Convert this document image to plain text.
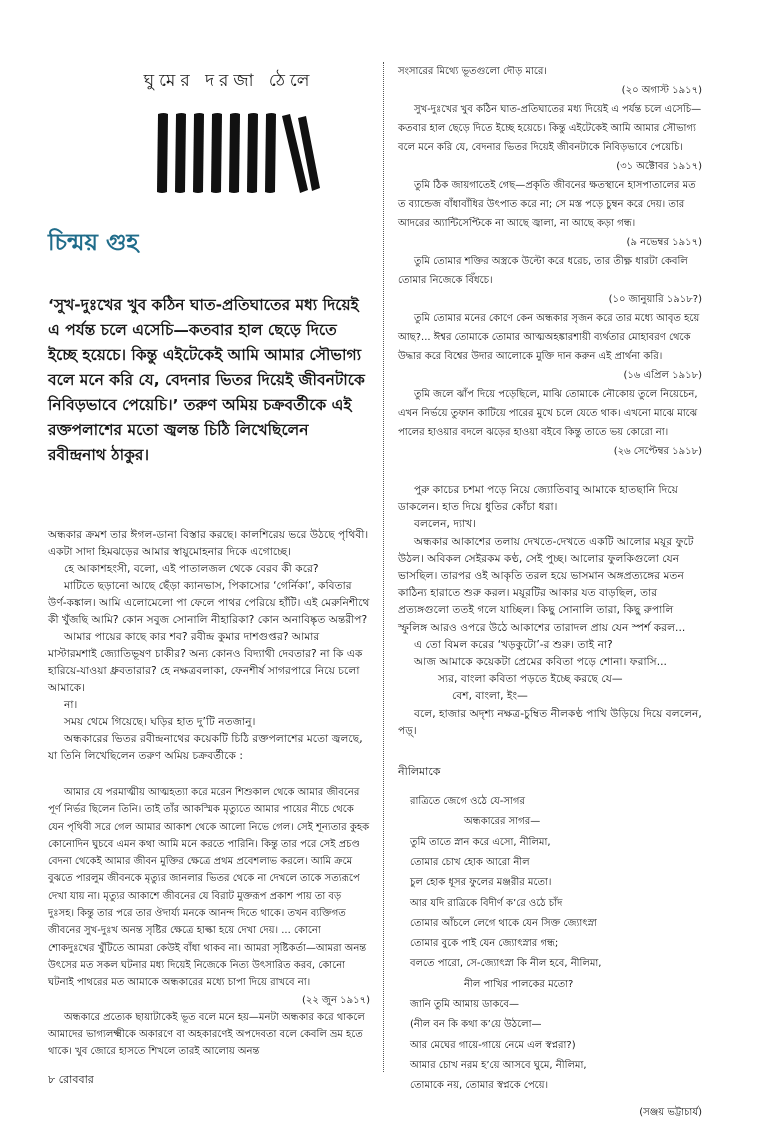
ঘুমের দরজা ঠেলে
চিন্ময় গুহ
‘সুখ-দুঃখের খুব কঠিন ঘাত-প্রতিঘাতের মধ্য দিয়েই এ পর্যন্ত চলে এসেচি—কতবার হাল ছেড়ে দিতে ইচ্ছে হয়েচে। কিন্তু এইটেকেই আমি আমার সৌভাগ্য বলে মনে করি যে, বেদনার ভিতর দিয়েই জীবনটাকে নিবিড়ভাবে পেয়েচি।’ তরুণ অমিয় চক্রবর্তীকে এই রক্তপলাশের মতো জ্বলন্ত চিঠি লিখেছিলেন রবীন্দ্রনাথ ঠাকুর।

অন্ধকার ক্রমশ তার ঈগল-ডানা বিস্তার করছে। কালশিরেয় ভরে উঠছে পৃথিবী। একটা সাদা হিমঝড়ের আমার স্বায়ুমোহনার দিকে এগোচ্ছে।

হে আকাশহংসী, বলো, এই পাতালজল থেকে বেরব কী করে?

মাটিতে ছড়ানো আছে ছেঁড়া ক্যানভাস, পিকাসোর ‘গের্নিকা’, কবিতার উর্ণ-কঙ্কাল। আমি এলোমেলো পা ফেলে পাথর পেরিয়ে হাঁটি। এই মেরুনিশীথে কী খুঁজছি আমি? কোন সবুজ সোনালি নীহারিকা? কোন অনাবিষ্কৃত অন্তরীপ?

আমার পায়ের কাছে কার শব? রবীন্দ্র কুমার দাশগুপ্তর? আমার মাস্টারমশাই জ্যোতিভূষণ চাকীর? অন্য কোনও বিদ্যাথী দেবতার? না কি এক হারিয়ে-যাওয়া ধ্রুবতারার? হে নক্ষত্রবলাকা, ফেনশীর্ষ সাগরপারে নিয়ে চলো আমাকে।

না।

সময় থেমে গিয়েছে। ঘড়ির হাত দু’টি নতজানু।

অন্ধকারের ভিতর রবীন্দ্রনাথের কয়েকটি চিঠি রক্তপলাশের মতো জ্বলছে, যা তিনি লিখেছিলেন তরুণ অমিয় চক্রবর্তীকে :

আমার যে পরমাত্মীয় আত্মহত্যা করে মরেন শিশুকাল থেকে আমার জীবনের পূর্ণ নির্ভর ছিলেন তিনি। তাই তাঁর আকস্মিক মৃত্যুতে আমার পায়ের নীচে থেকে যেন পৃথিবী সরে গেল আমার আকাশ থেকে আলো নিভে গেল। সেই শূন্যতার কুহক কোনোদিন ঘুচবে এমন কথা আমি মনে করতে পারিনি। কিন্তু তার পরে সেই প্রচণ্ড বেদনা থেকেই আমার জীবন মুক্তির ক্ষেত্রে প্রথম প্রবেশলাভ করলে। আমি ক্রমে বুঝতে পারলুম জীবনকে মৃত্যুর জানলার ভিতর থেকে না দেখলে তাকে সত্যরূপে দেখা যায় না। মৃত্যুর আকাশে জীবনের যে বিরাট মুক্তরূপ প্রকাশ পায় তা বড় দুঃসহ। কিন্তু তার পরে তার ঔদার্য্য মনকে আনন্দ দিতে থাকে। তখন ব্যক্তিগত জীবনের সুখ-দুঃখ অনন্ত সৃষ্টির ক্ষেত্রে হাল্কা হয়ে দেখা দেয়। ... কোনো শোকদুঃখের খুঁটিতে আমরা কেউই বাঁধা থাকব না। আমরা সৃষ্টিকর্তা—আমরা অনন্ত উৎসের মত সকল ঘটনার মধ্য দিয়েই নিজেকে নিত্য উৎসারিত করব, কোনো ঘটনাই পাথরের মত আমাকে অন্ধকারের মধ্যে চাপা দিয়ে রাখবে না।

(২২ জুন ১৯১৭)

অন্ধকারে প্রত্যেক ছায়াটাকেই ভূত বলে মনে হয়—মনটা অন্ধকার করে থাকলে আমাদের ভাগ্যলক্ষ্মীকে অকারণে বা অহকারণেই অপদেবতা বলে কেবলি ভ্রম হতে থাকে। খুব জোরে হাসতে শিখলে তারই আলোয় অনন্ত

সংসারের মিথ্যে ভূতগুলো দৌড় মারে।
(২০ অগাস্ট ১৯১৭)
সুখ-দুঃখের খুব কঠিন ঘাত-প্রতিঘাতের মধ্য দিয়েই এ পর্যন্ত চলে এসেচি—কতবার হাল ছেড়ে দিতে ইচ্ছে হয়েচে। কিন্তু এইটেকেই আমি আমার সৌভাগ্য বলে মনে করি যে, বেদনার ভিতর দিয়েই জীবনটাকে নিবিড়ভাবে পেয়েচি।
(৩১ অক্টোবর ১৯১৭)
তুমি ঠিক জায়গাতেই গেছ—প্রকৃতি জীবনের ক্ষতস্থানে হাসপাতালের মত ত ব্যান্ডেজ বাঁধাবাঁধির উৎপাত করে না; সে মস্ত পড়ে চুম্বন করে দেয়। তার আদরের অ্যান্টিসেপ্টিকে না আছে জ্বালা, না আছে কড়া গন্ধ।
(৯ নভেম্বর ১৯১৭)
তুমি তোমার শক্তির অস্ত্রকে উল্টো করে ধরেচ, তার তীক্ষ্ণ ধারটা কেবলি তোমার নিজেকে বিঁধচে।
(১০ জানুয়ারি ১৯১৮?)
তুমি তোমার মনের কোণে কেন অন্ধকার সৃজন করে তার মধ্যে আবৃত হয়ে আছ?... ঈশ্বর তোমাকে তোমার আত্মঅহঙ্কারশায়ী ব্যর্থতার মোহাবরণ থেকে উদ্ধার করে বিশ্বের উদার আলোকে মুক্তি দান করুন এই প্রার্থনা করি।
(১৬ এপ্রিল ১৯১৮)
তুমি জলে ঝাঁপ দিয়ে পড়েছিলে, মাঝি তোমাকে নৌকোয় তুলে নিয়েচেন, এখন নির্ভয়ে তুফান কাটিয়ে পারের মুখে চলে যেতে থাক। এখনো মাঝে মাঝে পালের হাওয়ার বদলে ঝড়ের হাওয়া বইবে কিন্তু তাতে ভয় কোরো না।
(২৬ সেপ্টেম্বর ১৯১৮)

পুরু কাচের চশমা পড়ে নিয়ে জ্যোতিবাবু আমাকে হাতছানি দিয়ে ডাকলেন। হাত দিয়ে ধুতির কোঁচা ধরা।

বললেন, দ্যাখ।

অন্ধকার আকাশের তলায় দেখতে-দেখতে একটি আলোর ময়ূর ফুটে উঠল। অবিকল সেইরকম কণ্ঠ, সেই পুচ্ছ। আলোর ফুলকিগুলো যেন ভাসছিল। তারপর ওই আকৃতি তরল হয়ে ভাসমান অঙ্গপ্রত্যঙ্গের মতন কাঠিন্য হারাতে শুরু করল। ময়ূরটির আকার যত বাড়ছিল, তার প্রত্যঙ্গগুলো ততই গলে যাচ্ছিল। কিছু সোনালি তারা, কিছু রুপালি স্ফুলিঙ্গ আরও ওপরে উঠে আকাশের তারাদল প্রায় যেন স্পর্শ করল...

এ তো বিমল করের ‘খড়কুটো’-র শুরু। তাই না?

আজ আমাকে কয়েকটা প্রেমের কবিতা পড়ে শোনা। ফরাসি...

স্যর, বাংলা কবিতা পড়তে ইচ্ছে করছে যে—

বেশ, বাংলা, ইং—

বলে, হাজার অদৃশ্য নক্ষত্র-চুম্বিত নীলকণ্ঠ পাখি উড়িয়ে দিয়ে বললেন, পড়্।

নীলিমাকে
রাত্রিতে জেগে ওঠে যে-সাগর
অন্ধকারের সাগর—
তুমি তাতে স্নান করে এসো, নীলিমা,
তোমার চোখ হোক আরো নীল
চুল হোক ধূসর ফুলের মঞ্জরীর মতো।
আর যদি রাত্রিকে বিদীর্ণ ক’রে ওঠে চাঁদ
তোমার আঁচলে লেগে থাকে যেন সিক্ত জ্যোৎস্না
তোমার বুকে পাই যেন জ্যোৎস্নার গন্ধ;
বলতে পারো, সে-জ্যোৎস্না কি নীল হবে, নীলিমা,
নীল পাখির পালকের মতো?
জানি তুমি আমায় ডাকবে—
(নীল বন কি কথা ক’য়ে উঠলো—
আর মেঘের গায়ে-গায়ে নেমে এল স্বপ্নরা?)
আমার চোখ নরম হ’য়ে আসবে ঘুমে, নীলিমা,
তোমাকে নয়, তোমার স্বপ্নকে পেয়ে।
(সঞ্জয় ভট্টাচার্য)
৮ রোববার
